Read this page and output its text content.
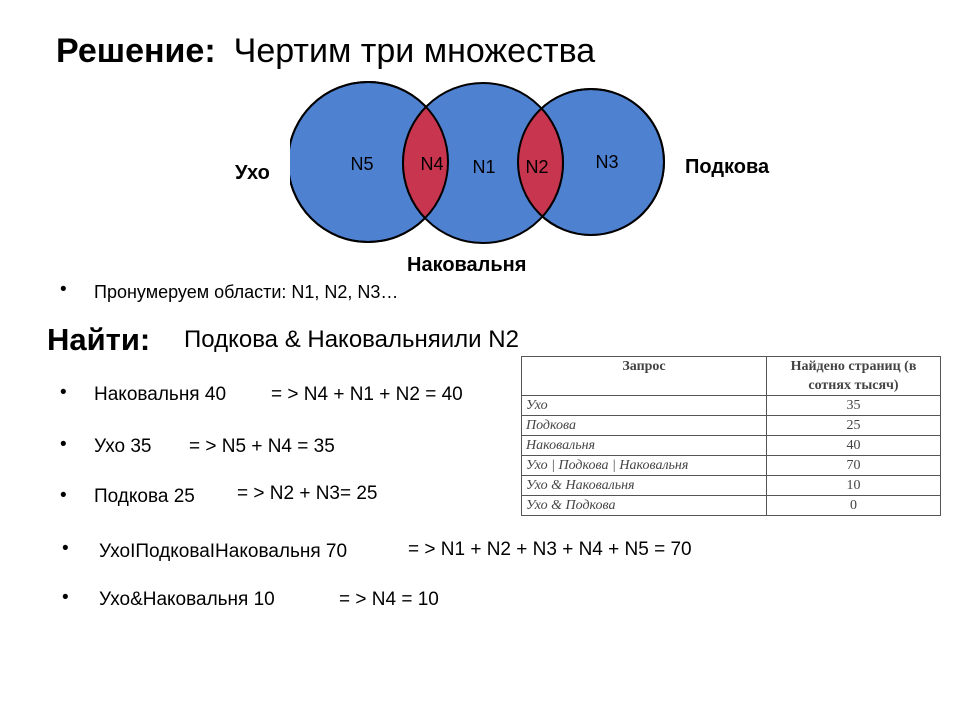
Решение: Чертим три множества
N5	N4 N1 N2	N3
Ухо	Подкова
Наковальня
• Пронумеруем области: N1, N2, N3…
Найти: Подкова & Наковальняили N2
• Наковальня 40 = > N4 + N1 + N2 = 40
• Ухо 35 = > N5 + N4 = 35
• Подкова 25 = > N2 + N3= 25
• УхоIПодковаIНаковальня 70	= > N1 + N2 + N3 + N4 + N5 = 70
• Ухо&Наковальня 10	= > N4 = 10
Запрос	Найдено страниц (в сотнях тысяч)
Ухо	35
Подкова	25
Наковальня	40
Ухо | Подкова | Наковальня	70
Ухо & Наковальня	10
Ухо & Подкова	0
